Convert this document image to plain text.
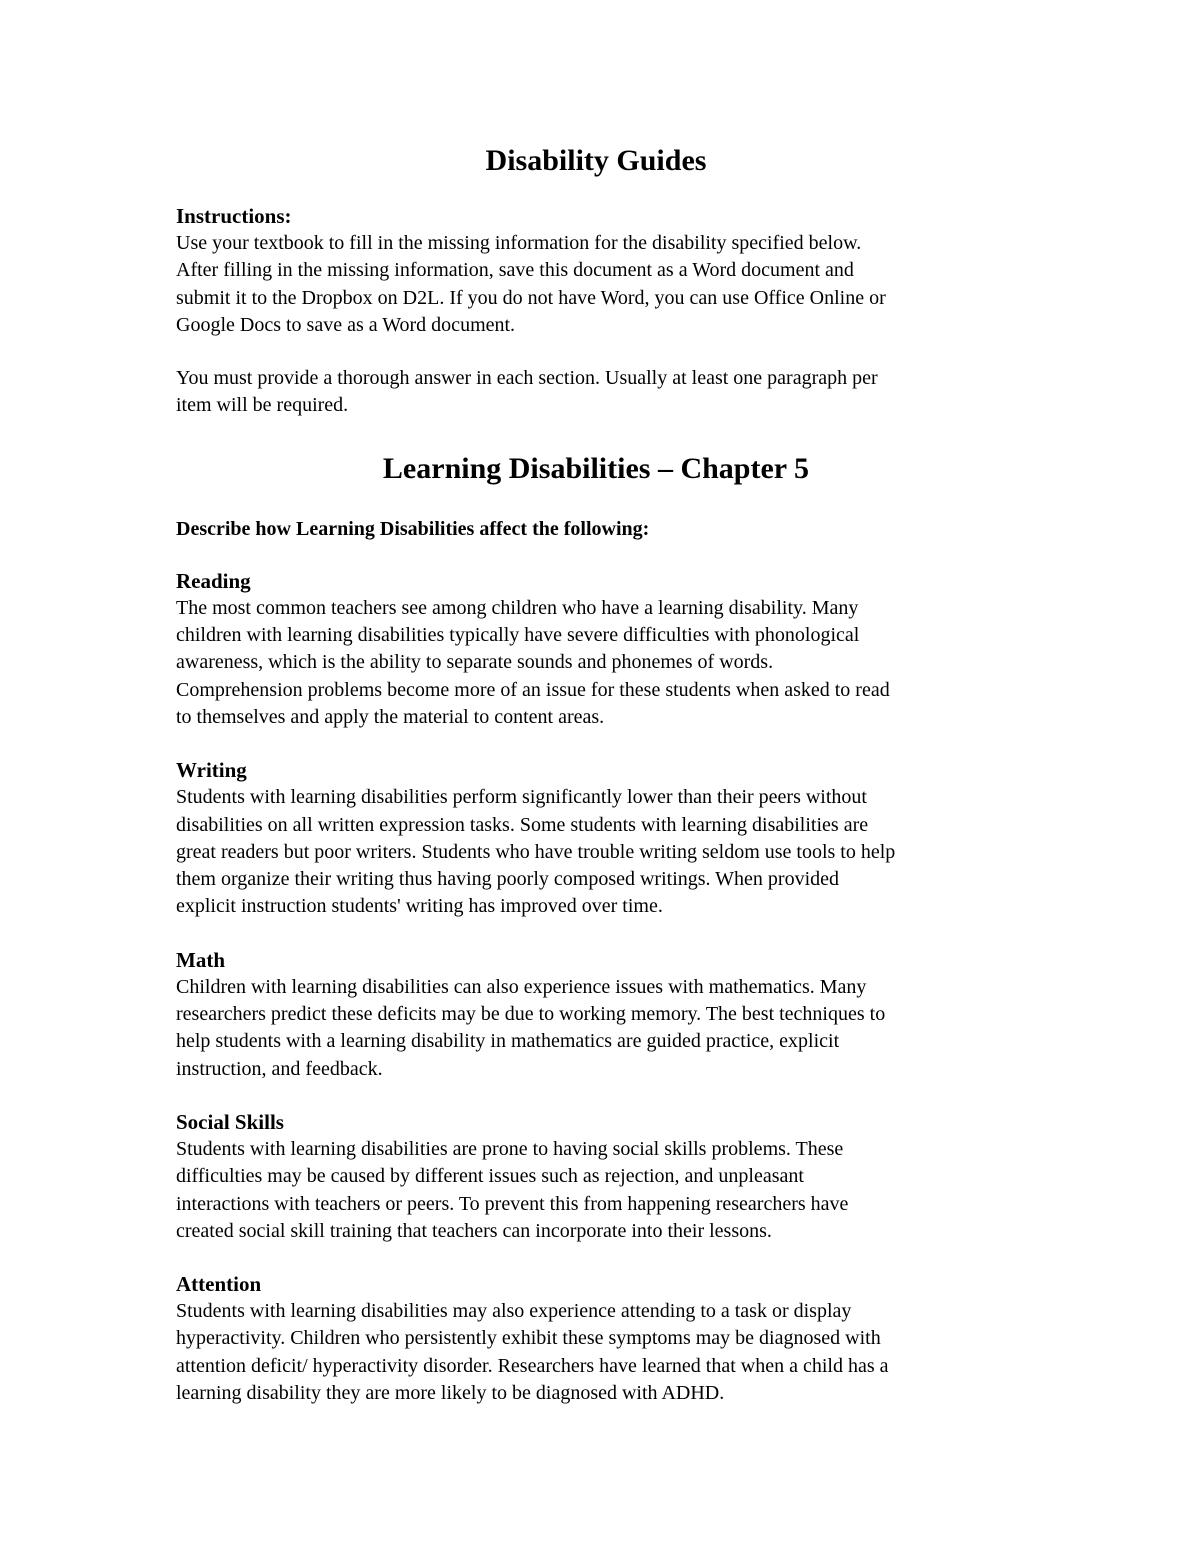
Disability Guides

Instructions:

Use your textbook to fill in the missing information for the disability specified below.
After filling in the missing information, save this document as a Word document and
submit it to the Dropbox on D2L. If you do not have Word, you can use Office Online or
Google Docs to save as a Word document.

You must provide a thorough answer in each section. Usually at least one paragraph per
item will be required.

Learning Disabilities – Chapter 5

Describe how Learning Disabilities affect the following:

Reading

The most common teachers see among children who have a learning disability. Many
children with learning disabilities typically have severe difficulties with phonological
awareness, which is the ability to separate sounds and phonemes of words.
Comprehension problems become more of an issue for these students when asked to read
to themselves and apply the material to content areas.

Writing

Students with learning disabilities perform significantly lower than their peers without
disabilities on all written expression tasks. Some students with learning disabilities are
great readers but poor writers. Students who have trouble writing seldom use tools to help
them organize their writing thus having poorly composed writings. When provided
explicit instruction students' writing has improved over time.

Math

Children with learning disabilities can also experience issues with mathematics. Many
researchers predict these deficits may be due to working memory. The best techniques to
help students with a learning disability in mathematics are guided practice, explicit
instruction, and feedback.

Social Skills

Students with learning disabilities are prone to having social skills problems. These
difficulties may be caused by different issues such as rejection, and unpleasant
interactions with teachers or peers. To prevent this from happening researchers have
created social skill training that teachers can incorporate into their lessons.

Attention

Students with learning disabilities may also experience attending to a task or display
hyperactivity. Children who persistently exhibit these symptoms may be diagnosed with
attention deficit/ hyperactivity disorder. Researchers have learned that when a child has a
learning disability they are more likely to be diagnosed with ADHD.
